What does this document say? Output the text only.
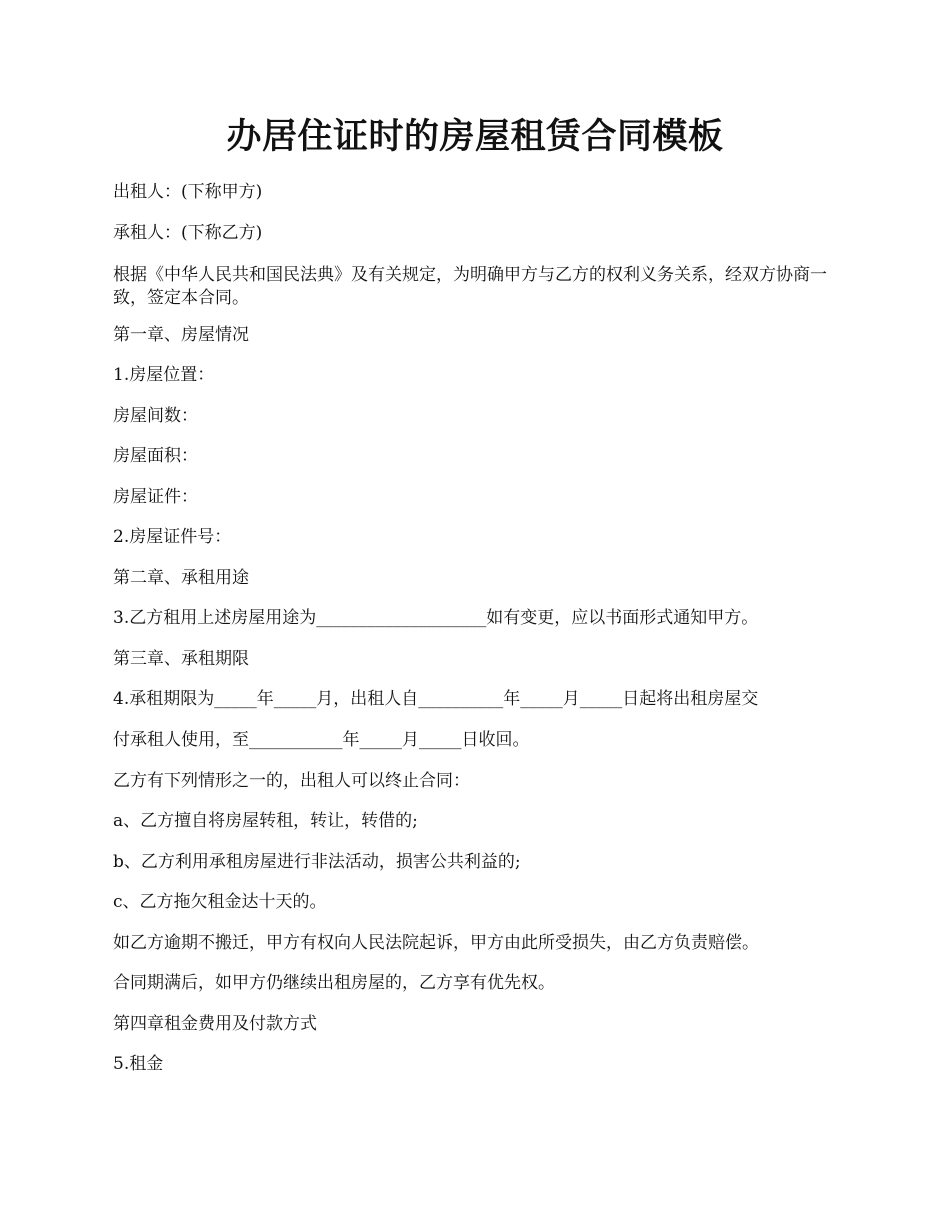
办居住证时的房屋租赁合同模板

出租人：(下称甲方)

承租人：(下称乙方)

根据《中华人民共和国民法典》及有关规定，为明确甲方与乙方的权利义务关系，经双方协商一致，签定本合同。

第一章、房屋情况

1.房屋位置：

房屋间数：

房屋面积：

房屋证件：

2.房屋证件号：

第二章、承租用途

3.乙方租用上述房屋用途为____________________如有变更，应以书面形式通知甲方。

第三章、承租期限

4.承租期限为_____年_____月，出租人自__________年_____月_____日起将出租房屋交

付承租人使用，至___________年_____月_____日收回。

乙方有下列情形之一的，出租人可以终止合同：

a、乙方擅自将房屋转租，转让，转借的;

b、乙方利用承租房屋进行非法活动，损害公共利益的;

c、乙方拖欠租金达十天的。

如乙方逾期不搬迁，甲方有权向人民法院起诉，甲方由此所受损失，由乙方负责赔偿。

合同期满后，如甲方仍继续出租房屋的，乙方享有优先权。

第四章租金费用及付款方式

5.租金
